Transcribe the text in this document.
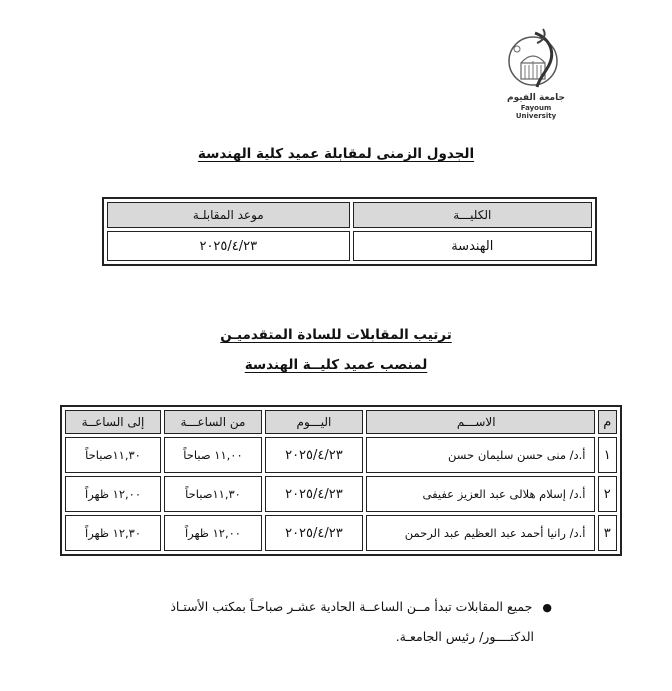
جامعة الفيوم
Fayoum University
الجدول الزمنى لمقابلة عميد كلية الهندسة
الكليـــة	موعد المقابلـة
الهندسة	٢٠٢٥/٤/٢٣
ترتيب المقابلات للسادة المتقدميـن
لمنصب عميد كليــة الهندسة
م	الاســـم	اليـــوم	من الساعـــة	إلى الساعــة
١	أ.د/ منى حسن سليمان حسن	٢٠٢٥/٤/٢٣	١١,٠٠ صباحاً	١١,٣٠صباحاً
٢	أ.د/ إسلام هلالى عبد العزيز عفيفى	٢٠٢٥/٤/٢٣	١١,٣٠صباحاً	١٢,٠٠ ظهراً
٣	أ.د/ رانيا أحمد عبد العظيم عبد الرحمن	٢٠٢٥/٤/٢٣	١٢,٠٠ ظهراً	١٢,٣٠ ظهراً
●جميع المقابلات تبدأ مــن الساعــة الحادية عشـر صباحـاً بمكتب الأستـاذ
الدكتــــور/ رئيس الجامعـة.
